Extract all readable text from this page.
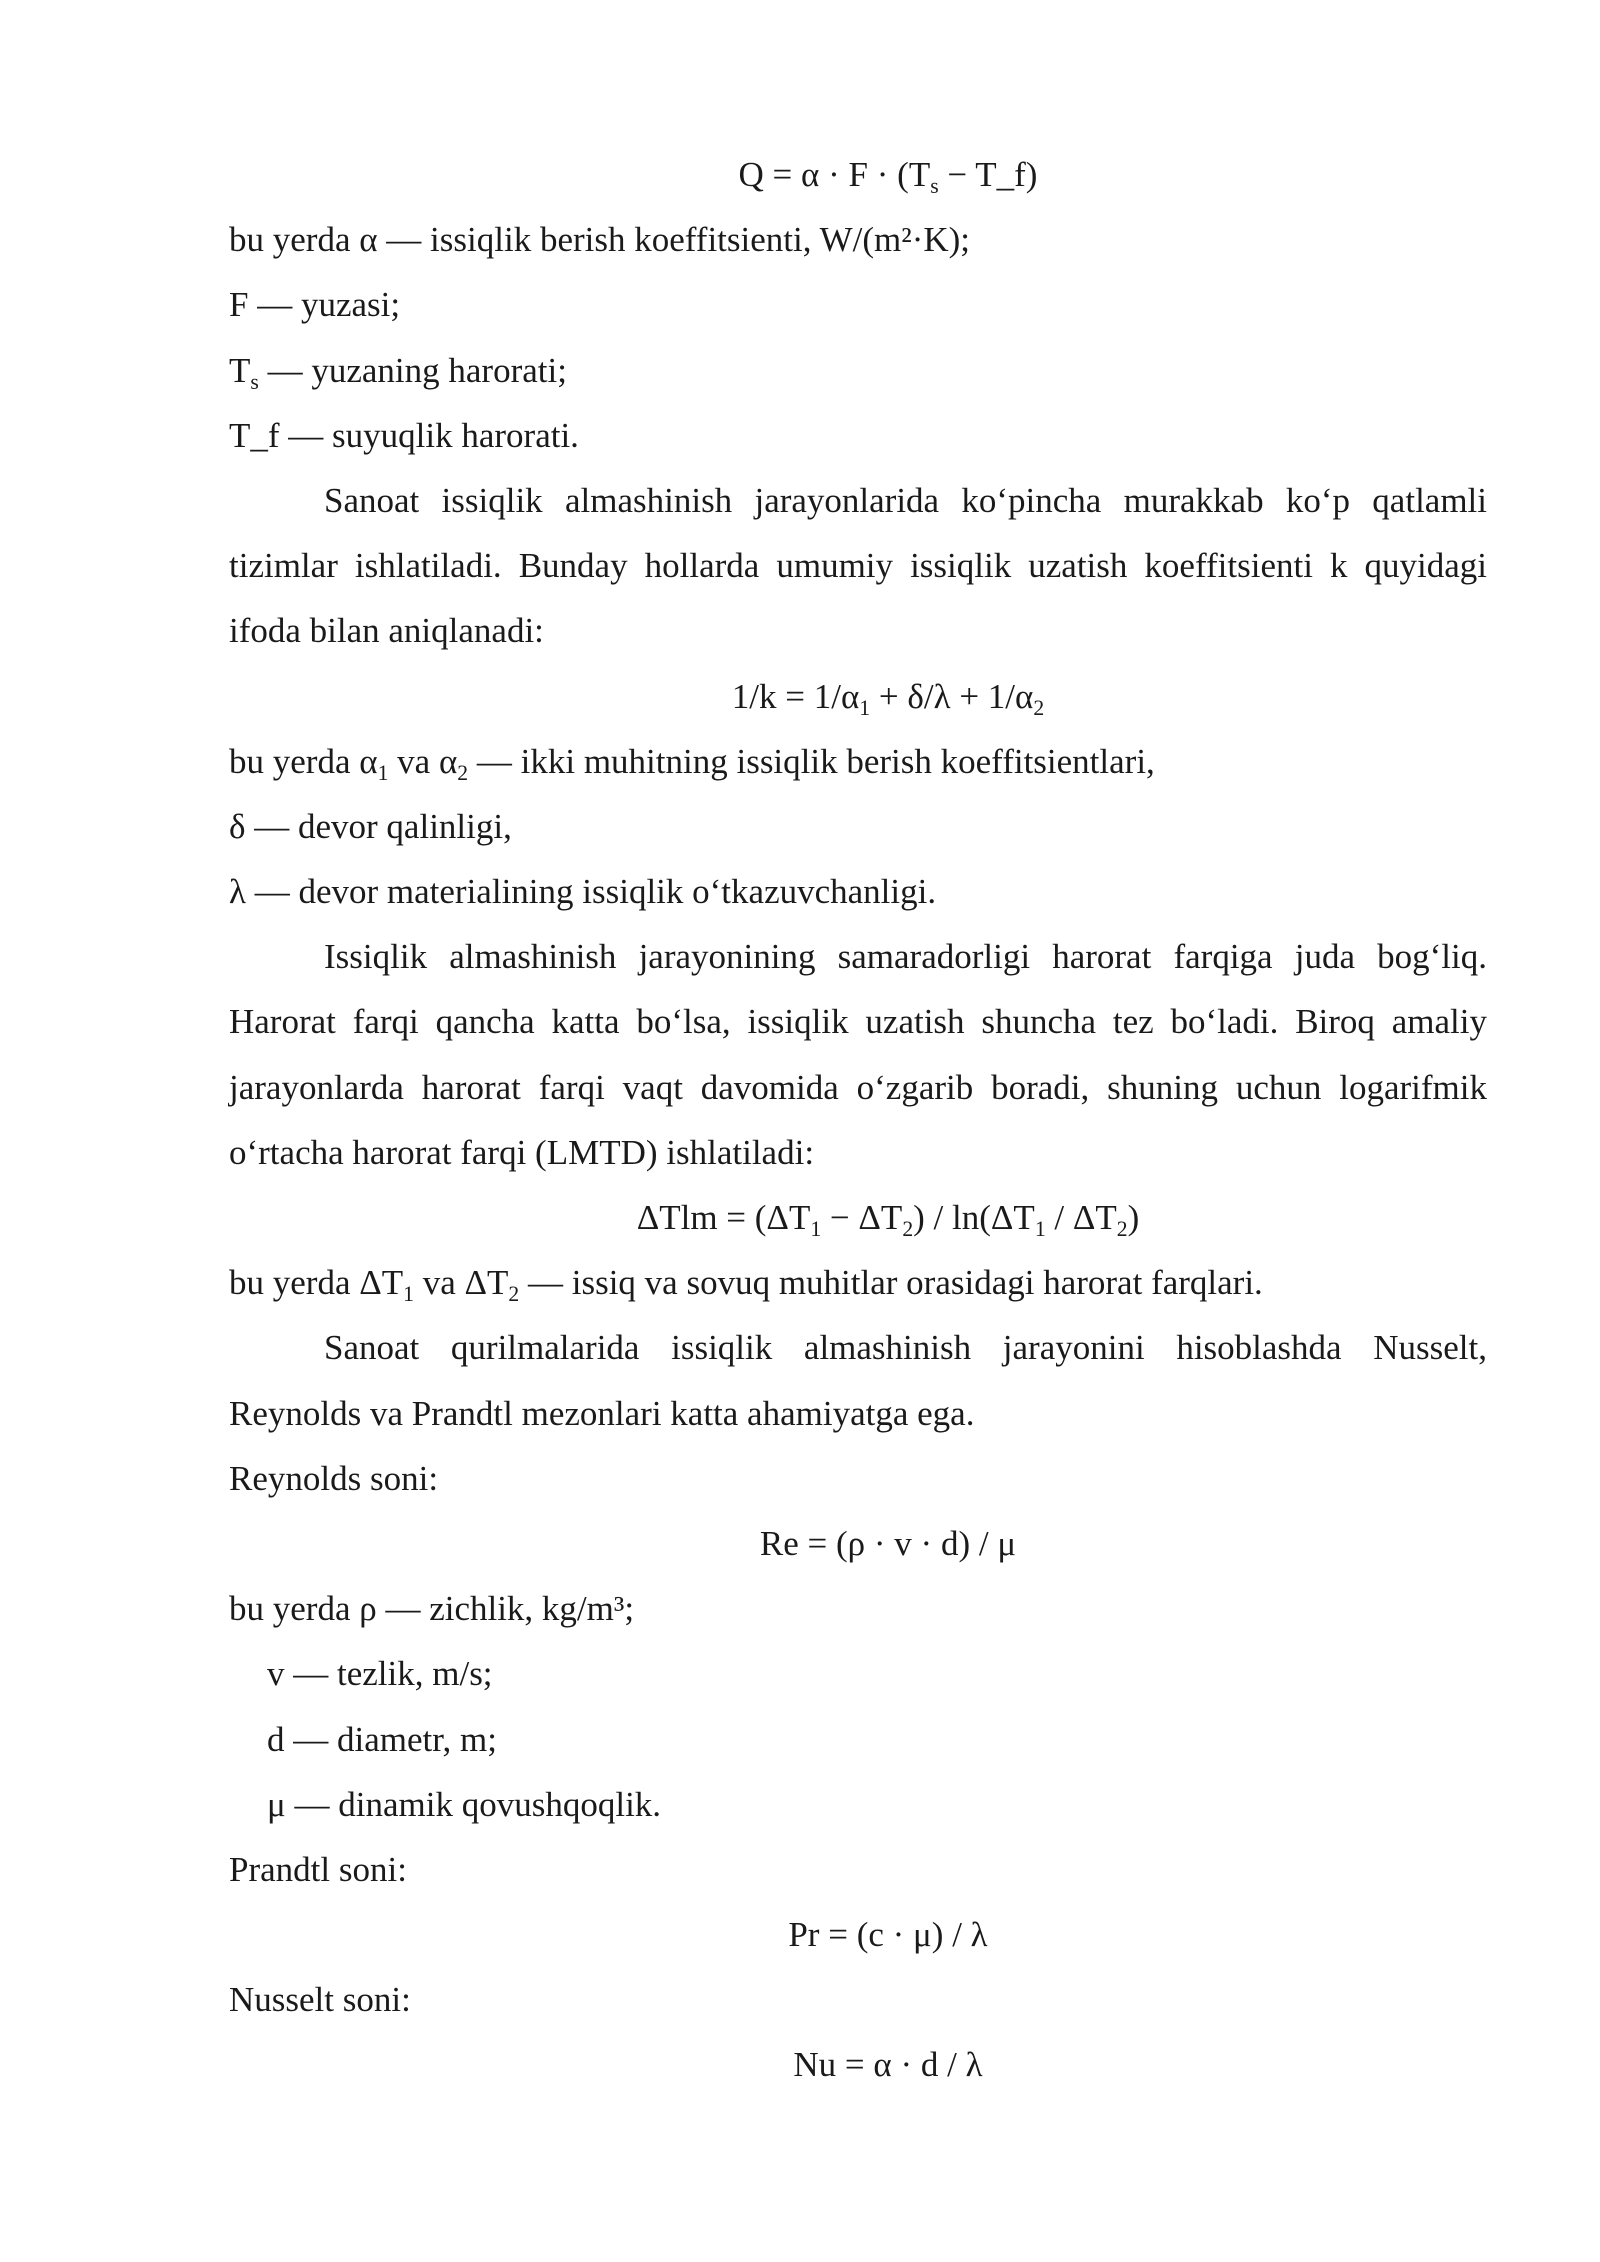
$Q = \alpha \cdot F \cdot (T_s$ − T_f)
bu yerda α — issiqlik berish koeffitsienti, W/(m²·K);
F — yuzasi;
$T_s$ — yuzaning harorati;
T_f — suyuqlik harorati.
Sanoat issiqlik almashinish jarayonlarida ko‘pincha murakkab ko‘p qatlamli
tizimlar ishlatiladi. Bunday hollarda umumiy issiqlik uzatish koeffitsienti k quyidagi
ifoda bilan aniqlanadi:
$1/k = 1/\alpha_1 + \delta/\lambda + 1/\alpha_2$
bu yerda $\alpha_1$ va $\alpha_2$ — ikki muhitning issiqlik berish koeffitsientlari,
δ — devor qalinligi,
λ — devor materialining issiqlik o‘tkazuvchanligi.
Issiqlik almashinish jarayonining samaradorligi harorat farqiga juda bog‘liq.
Harorat farqi qancha katta bo‘lsa, issiqlik uzatish shuncha tez bo‘ladi. Biroq amaliy
jarayonlarda harorat farqi vaqt davomida o‘zgarib boradi, shuning uchun logarifmik
o‘rtacha harorat farqi (LMTD) ishlatiladi:
$\Delta Tlm = (\Delta T_1 - \Delta T_2) / \ln(\Delta T_1 / \Delta T_2)$
bu yerda $\Delta T_1$ va $\Delta T_2$ — issiq va sovuq muhitlar orasidagi harorat farqlari.
Sanoat qurilmalarida issiqlik almashinish jarayonini hisoblashda Nusselt,
Reynolds va Prandtl mezonlari katta ahamiyatga ega.
Reynolds soni:
Re = (ρ · v · d) / μ
bu yerda ρ — zichlik, kg/m³;
v — tezlik, m/s;
d — diametr, m;
μ — dinamik qovushqoqlik.
Prandtl soni:
Pr = (c · μ) / λ
Nusselt soni:
Nu = α · d / λ
